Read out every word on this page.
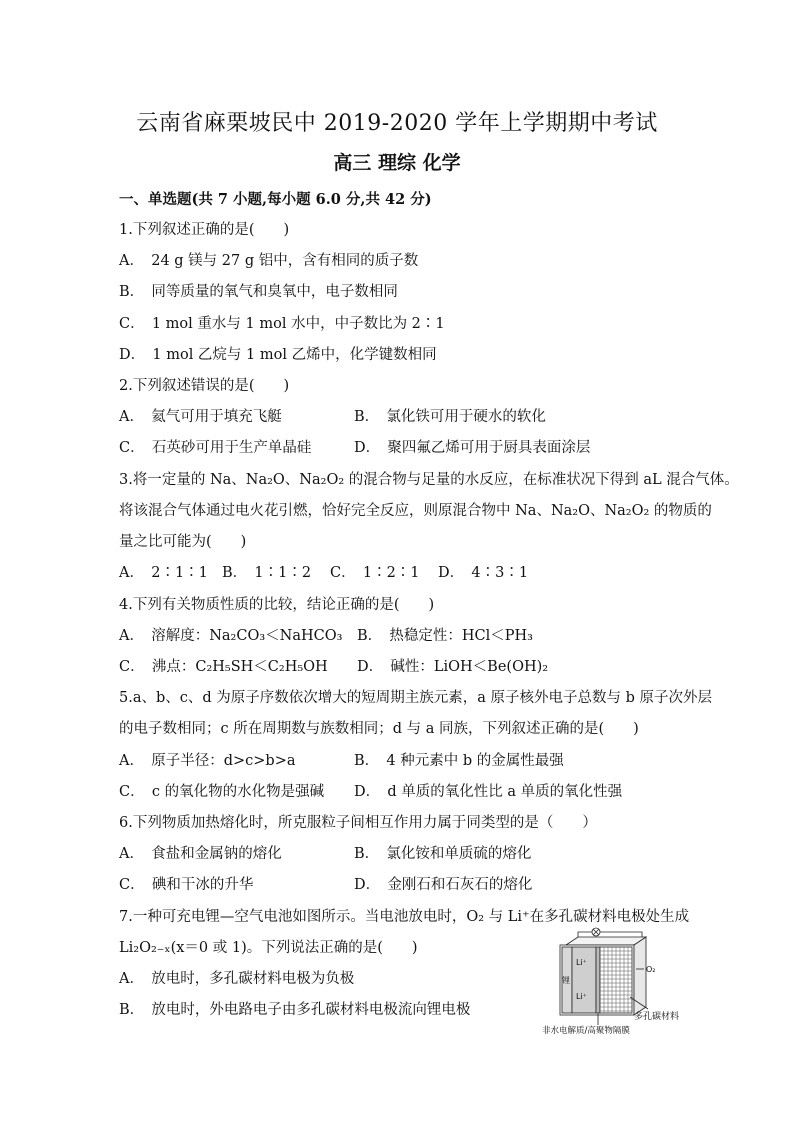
云南省麻栗坡民中 2019-2020 学年上学期期中考试
高三 理综 化学
一、单选题(共 7 小题,每小题 6.0 分,共 42 分)
1.下列叙述正确的是(　　)
A．　24 g 镁与 27 g 铝中，含有相同的质子数
B．　同等质量的氧气和臭氧中，电子数相同
C．　1 mol 重水与 1 mol 水中，中子数比为 2∶1
D．　1 mol 乙烷与 1 mol 乙烯中，化学键数相同
2.下列叙述错误的是(　　)
A．　氦气可用于填充飞艇	B．　氯化铁可用于硬水的软化
C．　石英砂可用于生产单晶硅	D．　聚四氟乙烯可用于厨具表面涂层
3.将一定量的 Na、Na₂O、Na₂O₂ 的混合物与足量的水反应，在标准状况下得到 aL 混合气体。
将该混合气体通过电火花引燃，恰好完全反应，则原混合物中 Na、Na₂O、Na₂O₂ 的物质的
量之比可能为(　　)
A．　2∶1∶1 B．　1∶1∶2 C．　1∶2∶1 D．　4∶3∶1
4.下列有关物质性质的比较，结论正确的是(　　)
A．　溶解度：Na₂CO₃＜NaHCO₃ B．　热稳定性：HCl＜PH₃
C．　沸点：C₂H₅SH＜C₂H₅OH D．　碱性：LiOH＜Be(OH)₂
5.a、b、c、d 为原子序数依次增大的短周期主族元素，a 原子核外电子总数与 b 原子次外层
的电子数相同；c 所在周期数与族数相同；d 与 a 同族，下列叙述正确的是(　　)
A．　原子半径：d>c>b>a	B．　4 种元素中 b 的金属性最强
C．　c 的氧化物的水化物是强碱 D．　d 单质的氧化性比 a 单质的氧化性强
6.下列物质加热熔化时，所克服粒子间相互作用力属于同类型的是（　　）
A．　食盐和金属钠的熔化	B．　氯化铵和单质硫的熔化
C．　碘和干冰的升华	D．　金刚石和石灰石的熔化
7.一种可充电锂—空气电池如图所示。当电池放电时，O₂ 与 Li⁺在多孔碳材料电极处生成
Li₂O₂₋ₓ(x＝0 或 1)。下列说法正确的是(　　)
A．　放电时，多孔碳材料电极为负极
B．　放电时，外电路电子由多孔碳材料电极流向锂电极
Li⁺
Li⁺
锂
O₂
多孔碳材料
非水电解质/高聚物隔膜
